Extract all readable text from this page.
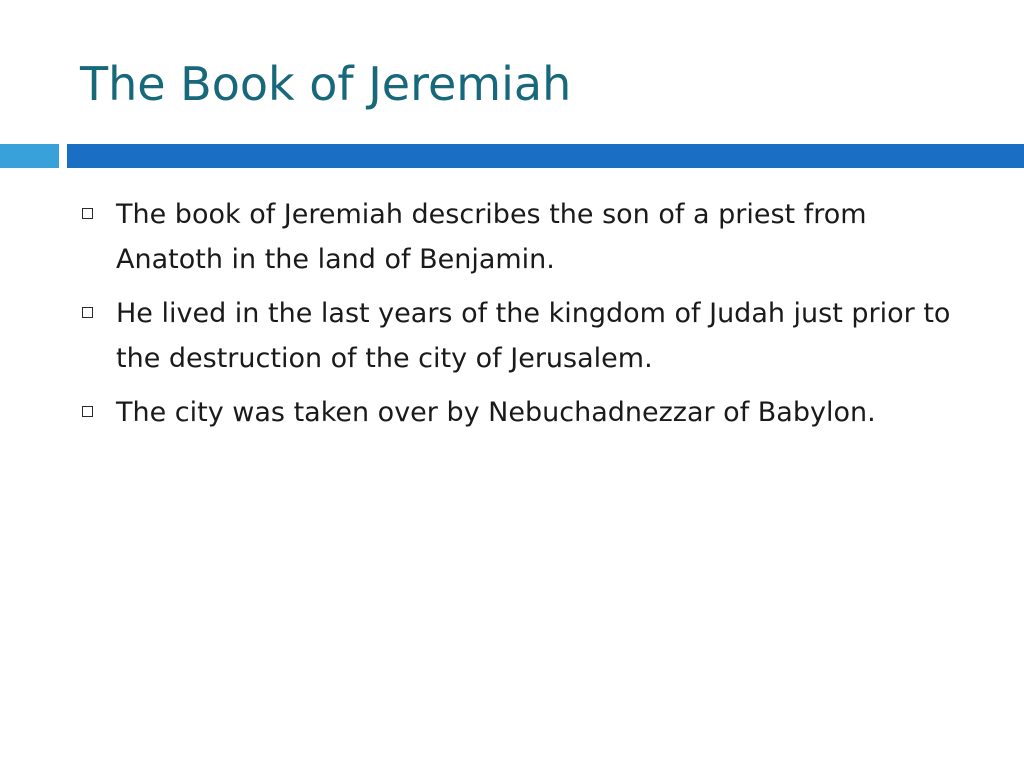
The Book of Jeremiah
The book of Jeremiah describes the son of a priest from Anatoth in the land of Benjamin.
He lived in the last years of the kingdom of Judah just prior to the destruction of the city of Jerusalem.
The city was taken over by Nebuchadnezzar of Babylon.
